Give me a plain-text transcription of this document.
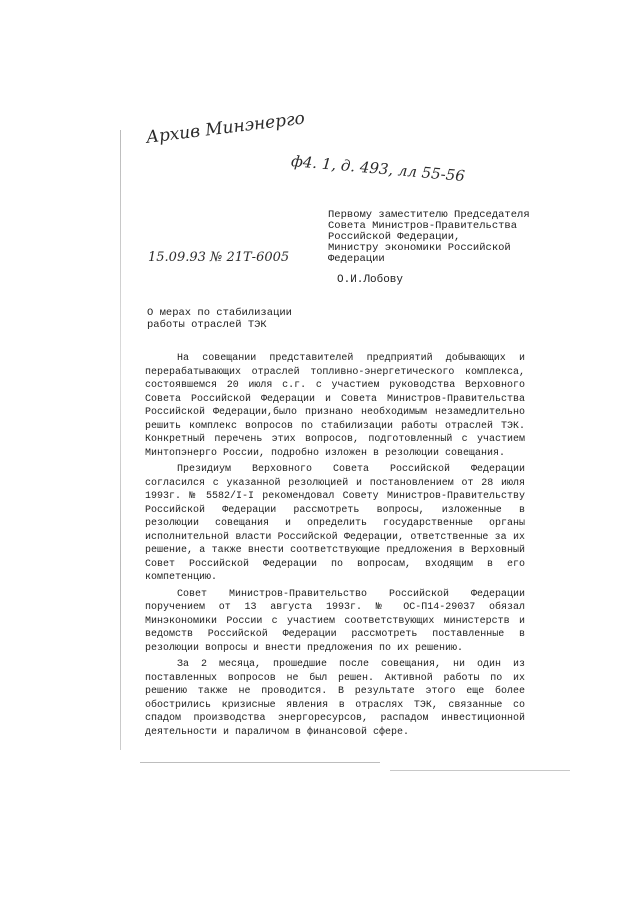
Архив Минэнерго
ф4. 1, д. 493, лл 55-56
15.09.93 № 21Т-6005
Первому заместителю Председателя
Совета Министров-Правительства
Российской Федерации,
Министру экономики Российской
Федерации
О.И.Лобову
О мерах по стабилизации
работы отраслей ТЭК

На совещании представителей предприятий добывающих и перерабатывающих отраслей топливно-энергетического комплекса, состоявшемся 20 июля с.г. с участием руководства Верховного Совета Российской Федерации и Совета Министров-Правительства Российской Федерации,было признано необходимым незамедлительно решить комплекс вопросов по стабилизации работы отраслей ТЭК. Конкретный перечень этих вопросов, подготовленный с участием Минтопэнерго России, подробно изложен в резолюции совещания.

Президиум Верховного Совета Российской Федерации согласился с указанной резолюцией и постановлением от 28 июля 1993г. № 5582/I-I рекомендовал Совету Министров-Правительству Российской Федерации рассмотреть вопросы, изложенные в резолюции совещания и определить государственные органы исполнительной власти Российской Федерации, ответственные за их решение, а также внести соответствующие предложения в Верховный Совет Российской Федерации по вопросам, входящим в его компетенцию.

Совет Министров-Правительство Российской Федерации поручением от 13 августа 1993г. № ОС-П14-29037 обязал Минэкономики России с участием соответствующих министерств и ведомств Российской Федерации рассмотреть поставленные в резолюции вопросы и внести предложения по их решению.

За 2 месяца, прошедшие после совещания, ни один из поставленных вопросов не был решен. Активной работы по их решению также не проводится. В результате этого еще более обострились кризисные явления в отраслях ТЭК, связанные со спадом производства энергоресурсов, распадом инвестиционной деятельности и параличом в финансовой сфере.
